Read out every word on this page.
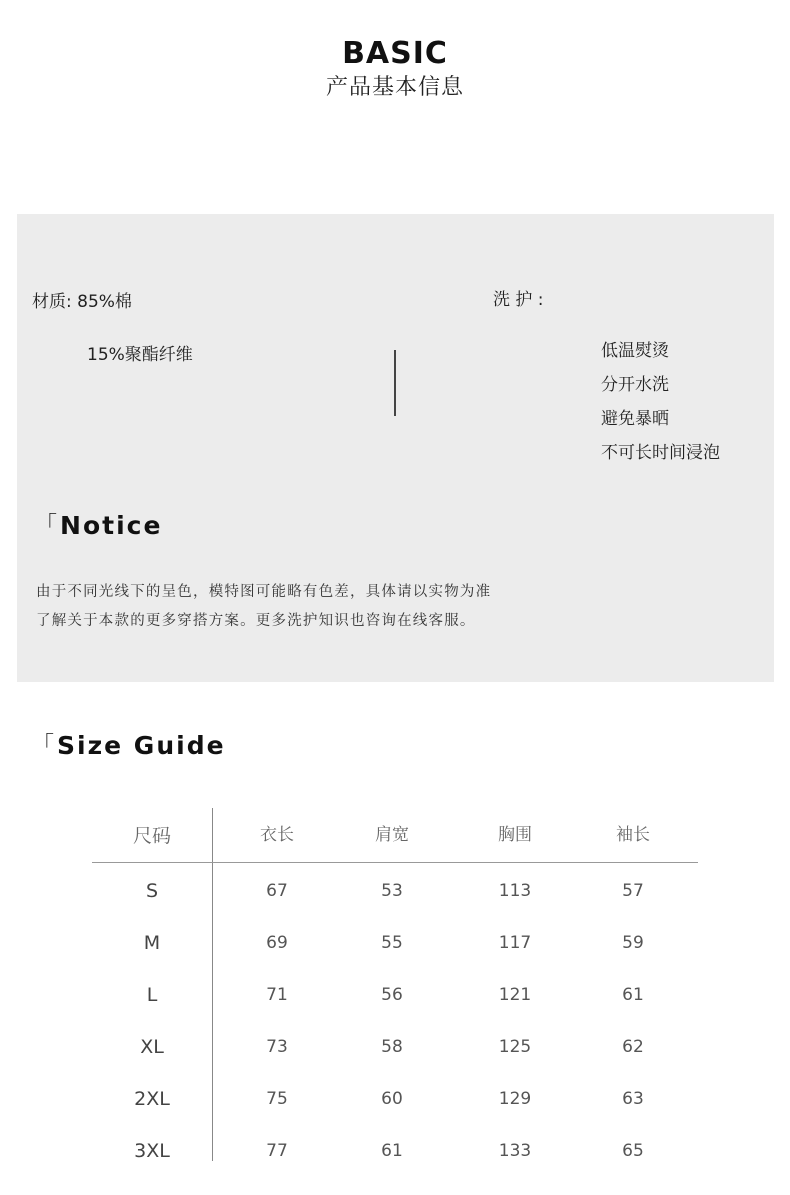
BASIC
产品基本信息
材质: 85%棉
15%聚酯纤维
洗 护 :
低温熨烫
分开水洗
避免暴晒
不可长时间浸泡
「Notice

由于不同光线下的呈色，模特图可能略有色差，具体请以实物为准

了解关于本款的更多穿搭方案。更多洗护知识也咨询在线客服。

「Size Guide
尺码	衣长	肩宽	胸围	袖长
S	67	53	113	57
M	69	55	117	59
L	71	56	121	61
XL	73	58	125	62
2XL	75	60	129	63
3XL	77	61	133	65
